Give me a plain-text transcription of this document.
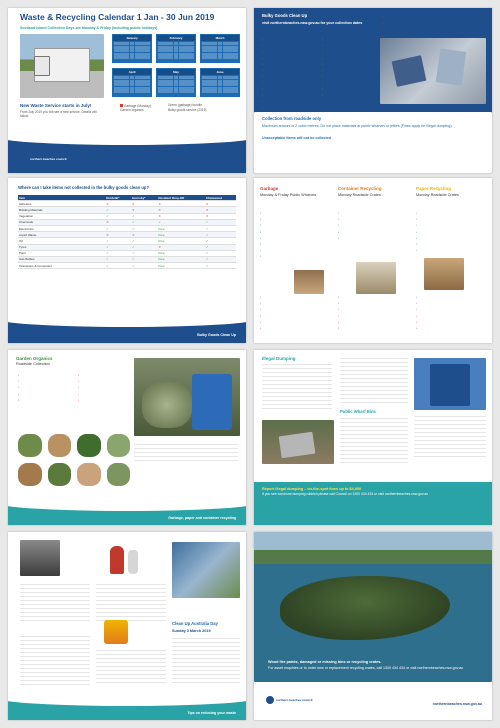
Waste & Recycling Calendar 1 Jan - 30 Jun 2019
Scotland Island Collection Days are Monday & Friday (including public holidays)
January	February	March
April	May	June
New Waste Service starts in July!
From July 2019 you will see a new service. Details will follow.
Garbage (Monday)	Green (garbage) bundle
Garden organics	Bulky goods service (2019)
northern beaches council
Bulky Goods Clean Up
visit northernbeaches.nsw.gov.au for your collection dates
•
•
•
•
•
•
•
•
•
•
•
•
•
•
•
•
•
•
•
•
•
•
•
•
•
•
Collection from roadside only
Maximum amount is 2 cubic metres. Do not place materials at public wharves or jetties (Fines apply for illegal dumping).
Unacceptable items will not be collected
Where can I take items not collected in the bulky goods clean up?
Item	Kimbriki*	Hornsby*	Resident Drop-Off	Chatswood
Asbestos	✕	✕	✕	✕
Building Materials	✓	✕	✕	✕
Vegetation	✓	✓	✕	✕
Chemicals	✕	✓	✓	✓
Electronics	✓	✓	Free	✓
Liquid Waste	✕	✕	Free	✓
Oil	✓	✓	Free	✓
Tyres	✓	✓	✕	✓
Paint	✓	✓	Free	✓
Gas Bottles	✓	✓	Free	✓
Televisions & Computers	✓	✓	Free	✓
Bulky Goods Clean Up
Garbage
Monday & Friday Public Wharves
•
•
•
•
•
•
•
•
•
•
•
•
•
•
Container Recycling
Monday Roadside Crates
•
•
•
•
•
•
•
•
•
•
•
Paper Recycling
Monday Roadside Crates
•
•
•
•
•
•
•
•
•
•
•
•
•
Garden Organics
Roadside Collection
•
•
•
•
•
•
•
•
•
•
Garbage, paper and container recycling
Illegal Dumping
Public Wharf Bins
Report illegal dumping – on-the-spot fines up to $4,000
If you see someone dumping rubbish please call Council on 1300 434 434 or visit northernbeaches.nsw.gov.au
Clean Up Australia Day
Sunday 3 March 2019
Tips on reducing your waste
Wood fire paints, damaged or missing bins or recycling crates.
For asset enquiries or to order new or replacement recycling crates, call 1300 434 434 or visit northernbeaches.nsw.gov.au
northern beaches council
northernbeaches.nsw.gov.au
